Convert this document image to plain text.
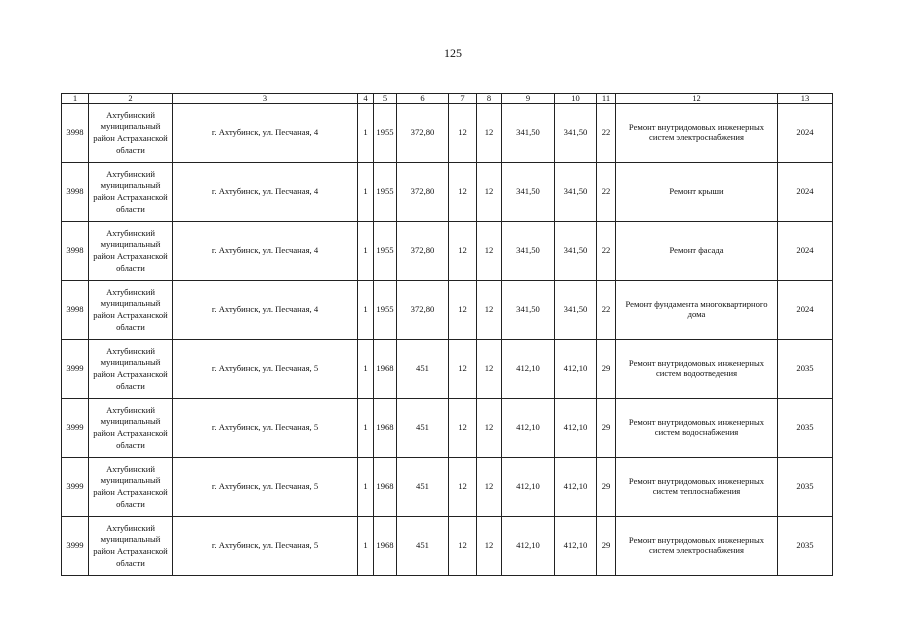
125
1	2	3	4	5	6	7	8	9	10	11	12	13
3998	Ахтубинский муниципальный район Астраханской области	г. Ахтубинск, ул. Песчаная, 4	1	1955	372,80	12	12	341,50	341,50	22	Ремонт внутридомовых инженерных систем электроснабжения	2024
3998	Ахтубинский муниципальный район Астраханской области	г. Ахтубинск, ул. Песчаная, 4	1	1955	372,80	12	12	341,50	341,50	22	Ремонт крыши	2024
3998	Ахтубинский муниципальный район Астраханской области	г. Ахтубинск, ул. Песчаная, 4	1	1955	372,80	12	12	341,50	341,50	22	Ремонт фасада	2024
3998	Ахтубинский муниципальный район Астраханской области	г. Ахтубинск, ул. Песчаная, 4	1	1955	372,80	12	12	341,50	341,50	22	Ремонт фундамента многоквартирного дома	2024
3999	Ахтубинский муниципальный район Астраханской области	г. Ахтубинск, ул. Песчаная, 5	1	1968	451	12	12	412,10	412,10	29	Ремонт внутридомовых инженерных систем водоотведения	2035
3999	Ахтубинский муниципальный район Астраханской области	г. Ахтубинск, ул. Песчаная, 5	1	1968	451	12	12	412,10	412,10	29	Ремонт внутридомовых инженерных систем водоснабжения	2035
3999	Ахтубинский муниципальный район Астраханской области	г. Ахтубинск, ул. Песчаная, 5	1	1968	451	12	12	412,10	412,10	29	Ремонт внутридомовых инженерных систем теплоснабжения	2035
3999	Ахтубинский муниципальный район Астраханской области	г. Ахтубинск, ул. Песчаная, 5	1	1968	451	12	12	412,10	412,10	29	Ремонт внутридомовых инженерных систем электроснабжения	2035
